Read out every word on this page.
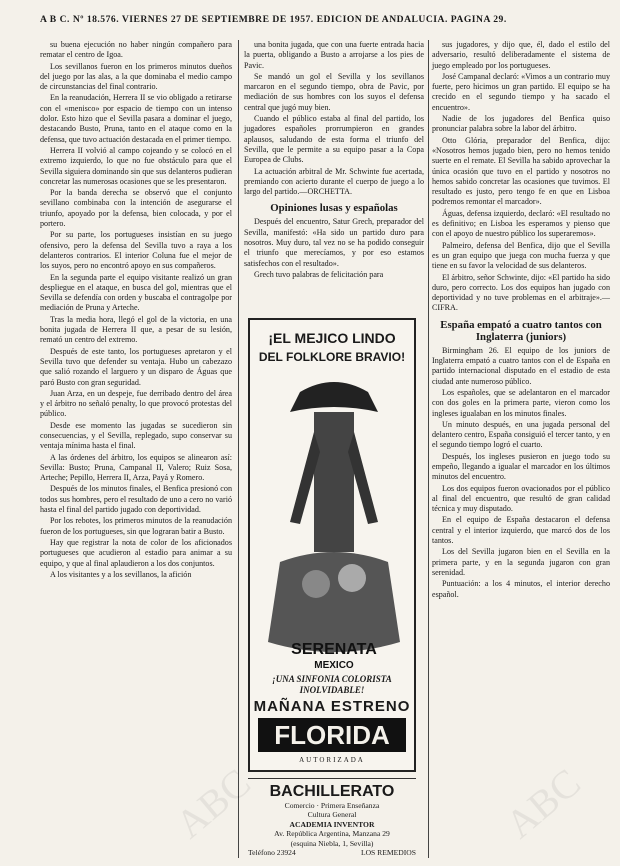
A B C. Nº 18.576. VIERNES 27 DE SEPTIEMBRE DE 1957. EDICION DE ANDALUCIA. PAGINA 29.

su buena ejecución no haber ningún compañero para rematar el centro de Igoa.

Los sevillanos fueron en los primeros minutos dueños del juego por las alas, a la que dominaba el medio campo de circunstancias del final contrario.

En la reanudación, Herrera II se vio obligado a retirarse con el «menisco» por espacio de tiempo con un intenso dolor. Esto hizo que el Sevilla pasara a dominar el juego, destacando Busto, Pruna, tanto en el ataque como en la defensa, que tuvo actuación destacada en el primer tiempo.

Herrera II volvió al campo cojeando y se colocó en el extremo izquierdo, lo que no fue obstáculo para que el Sevilla siguiera dominando sin que sus delanteros pudieran concretar las numerosas ocasiones que se les presentaron.

Por la banda derecha se observó que el conjunto sevillano combinaba con la intención de asegurarse el triunfo, apoyado por la defensa, bien colocada, y por el portero.

Por su parte, los portugueses insistían en su juego ofensivo, pero la defensa del Sevilla tuvo a raya a los delanteros contrarios. El interior Coluna fue el mejor de los suyos, pero no encontró apoyo en sus compañeros.

En la segunda parte el equipo visitante realizó un gran despliegue en el ataque, en busca del gol, mientras que el Sevilla se defendía con orden y buscaba el contragolpe por mediación de Pruna y Arteche.

Tras la media hora, llegó el gol de la victoria, en una bonita jugada de Herrera II que, a pesar de su lesión, remató un centro del extremo.

Después de este tanto, los portugueses apretaron y el Sevilla tuvo que defender su ventaja. Hubo un cabezazo que salió rozando el larguero y un disparo de Águas que paró Busto con gran seguridad.

Juan Arza, en un despeje, fue derribado dentro del área y el árbitro no señaló penalty, lo que provocó protestas del público.

Desde ese momento las jugadas se sucedieron sin consecuencias, y el Sevilla, replegado, supo conservar su ventaja mínima hasta el final.

A las órdenes del árbitro, los equipos se alinearon así: Sevilla: Busto; Pruna, Campanal II, Valero; Ruiz Sosa, Arteche; Pepillo, Herrera II, Arza, Payá y Romero.

Después de los minutos finales, el Benfica presionó con todos sus hombres, pero el resultado de uno a cero no varió hasta el final del partido jugado con deportividad.

Por los rebotes, los primeros minutos de la reanudación fueron de los portugueses, sin que lograran batir a Busto.

Hay que registrar la nota de color de los aficionados portugueses que acudieron al estadio para animar a su equipo, y que al final aplaudieron a los dos conjuntos.

A los visitantes y a los sevillanos, la afición

una bonita jugada, que con una fuerte entrada hacia la puerta, obligando a Busto a arrojarse a los pies de Pavic.

Se mandó un gol el Sevilla y los sevillanos marcaron en el segundo tiempo, obra de Pavic, por mediación de sus hombres con los suyos el defensa central que jugó muy bien.

Cuando el público estaba al final del partido, los jugadores españoles prorrumpieron en grandes aplausos, saludando de esta forma el triunfo del Sevilla, que le permite a su equipo pasar a la Copa Europea de Clubs.

La actuación arbitral de Mr. Schwinte fue acertada, premiando con acierto durante el cuerpo de juego a lo largo del partido.—ORCHETTA.

Opiniones lusas y españolas

Después del encuentro, Satur Grech, preparador del Sevilla, manifestó: «Ha sido un partido duro para nosotros. Muy duro, tal vez no se ha podido conseguir el triunfo que merecíamos, y por eso estamos satisfechos con el resultado».

Grech tuvo palabras de felicitación para

sus jugadores, y dijo que, él, dado el estilo del adversario, resultó deliberadamente el sistema de juego empleado por los portugueses.

José Campanal declaró: «Vimos a un contrario muy fuerte, pero hicimos un gran partido. El equipo se ha crecido en el segundo tiempo y ha sacado el encuentro».

Nadie de los jugadores del Benfica quiso pronunciar palabra sobre la labor del árbitro.

Otto Glória, preparador del Benfica, dijo: «Nosotros hemos jugado bien, pero no hemos tenido suerte en el remate. El Sevilla ha sabido aprovechar la única ocasión que tuvo en el partido y nosotros no hemos sabido concretar las ocasiones que tuvimos. El resultado es justo, pero tengo fe en que en Lisboa podremos remontar el marcador».

Águas, defensa izquierdo, declaró: «El resultado no es definitivo; en Lisboa les esperamos y pienso que con el apoyo de nuestro público los superaremos».

Palmeiro, defensa del Benfica, dijo que el Sevilla es un gran equipo que juega con mucha fuerza y que tiene en su favor la velocidad de sus delanteros.

El árbitro, señor Schwinte, dijo: «El partido ha sido duro, pero correcto. Los dos equipos han jugado con deportividad y no tuve problemas en el arbitraje».—CIFRA.

España empató a cuatro tantos con Inglaterra (juniors)

Birmingham 26. El equipo de los juniors de Inglaterra empató a cuatro tantos con el de España en partido internacional disputado en el estadio de esta ciudad ante numeroso público.

Los españoles, que se adelantaron en el marcador con dos goles en la primera parte, vieron como los ingleses igualaban en los minutos finales.

Un minuto después, en una jugada personal del delantero centro, España consiguió el tercer tanto, y en el segundo tiempo logró el cuarto.

Después, los ingleses pusieron en juego todo su empeño, llegando a igualar el marcador en los últimos minutos del encuentro.

Los dos equipos fueron ovacionados por el público al final del encuentro, que resultó de gran calidad técnica y muy disputado.

En el equipo de España destacaron el defensa central y el interior izquierdo, que marcó dos de los tantos.

Los del Sevilla jugaron bien en el Sevilla en la primera parte, y en la segunda jugaron con gran serenidad.

Puntuación: a los 4 minutos, el interior derecho español.

¡EL MEJICO LINDO
DEL FOLKLORE BRAVIO!
SERENATA
MEXICO
¡UNA SINFONIA COLORISTA
INOLVIDABLE!
MAÑANA ESTRENO
FLORIDA
AUTORIZADA
BACHILLERATO
Comercio · Primera Enseñanza
Cultura General
ACADEMIA INVENTOR
Av. República Argentina, Manzana 29
(esquina Niebla, 1, Sevilla)
Teléfono 23924	LOS REMEDIOS
ABC	ABC
